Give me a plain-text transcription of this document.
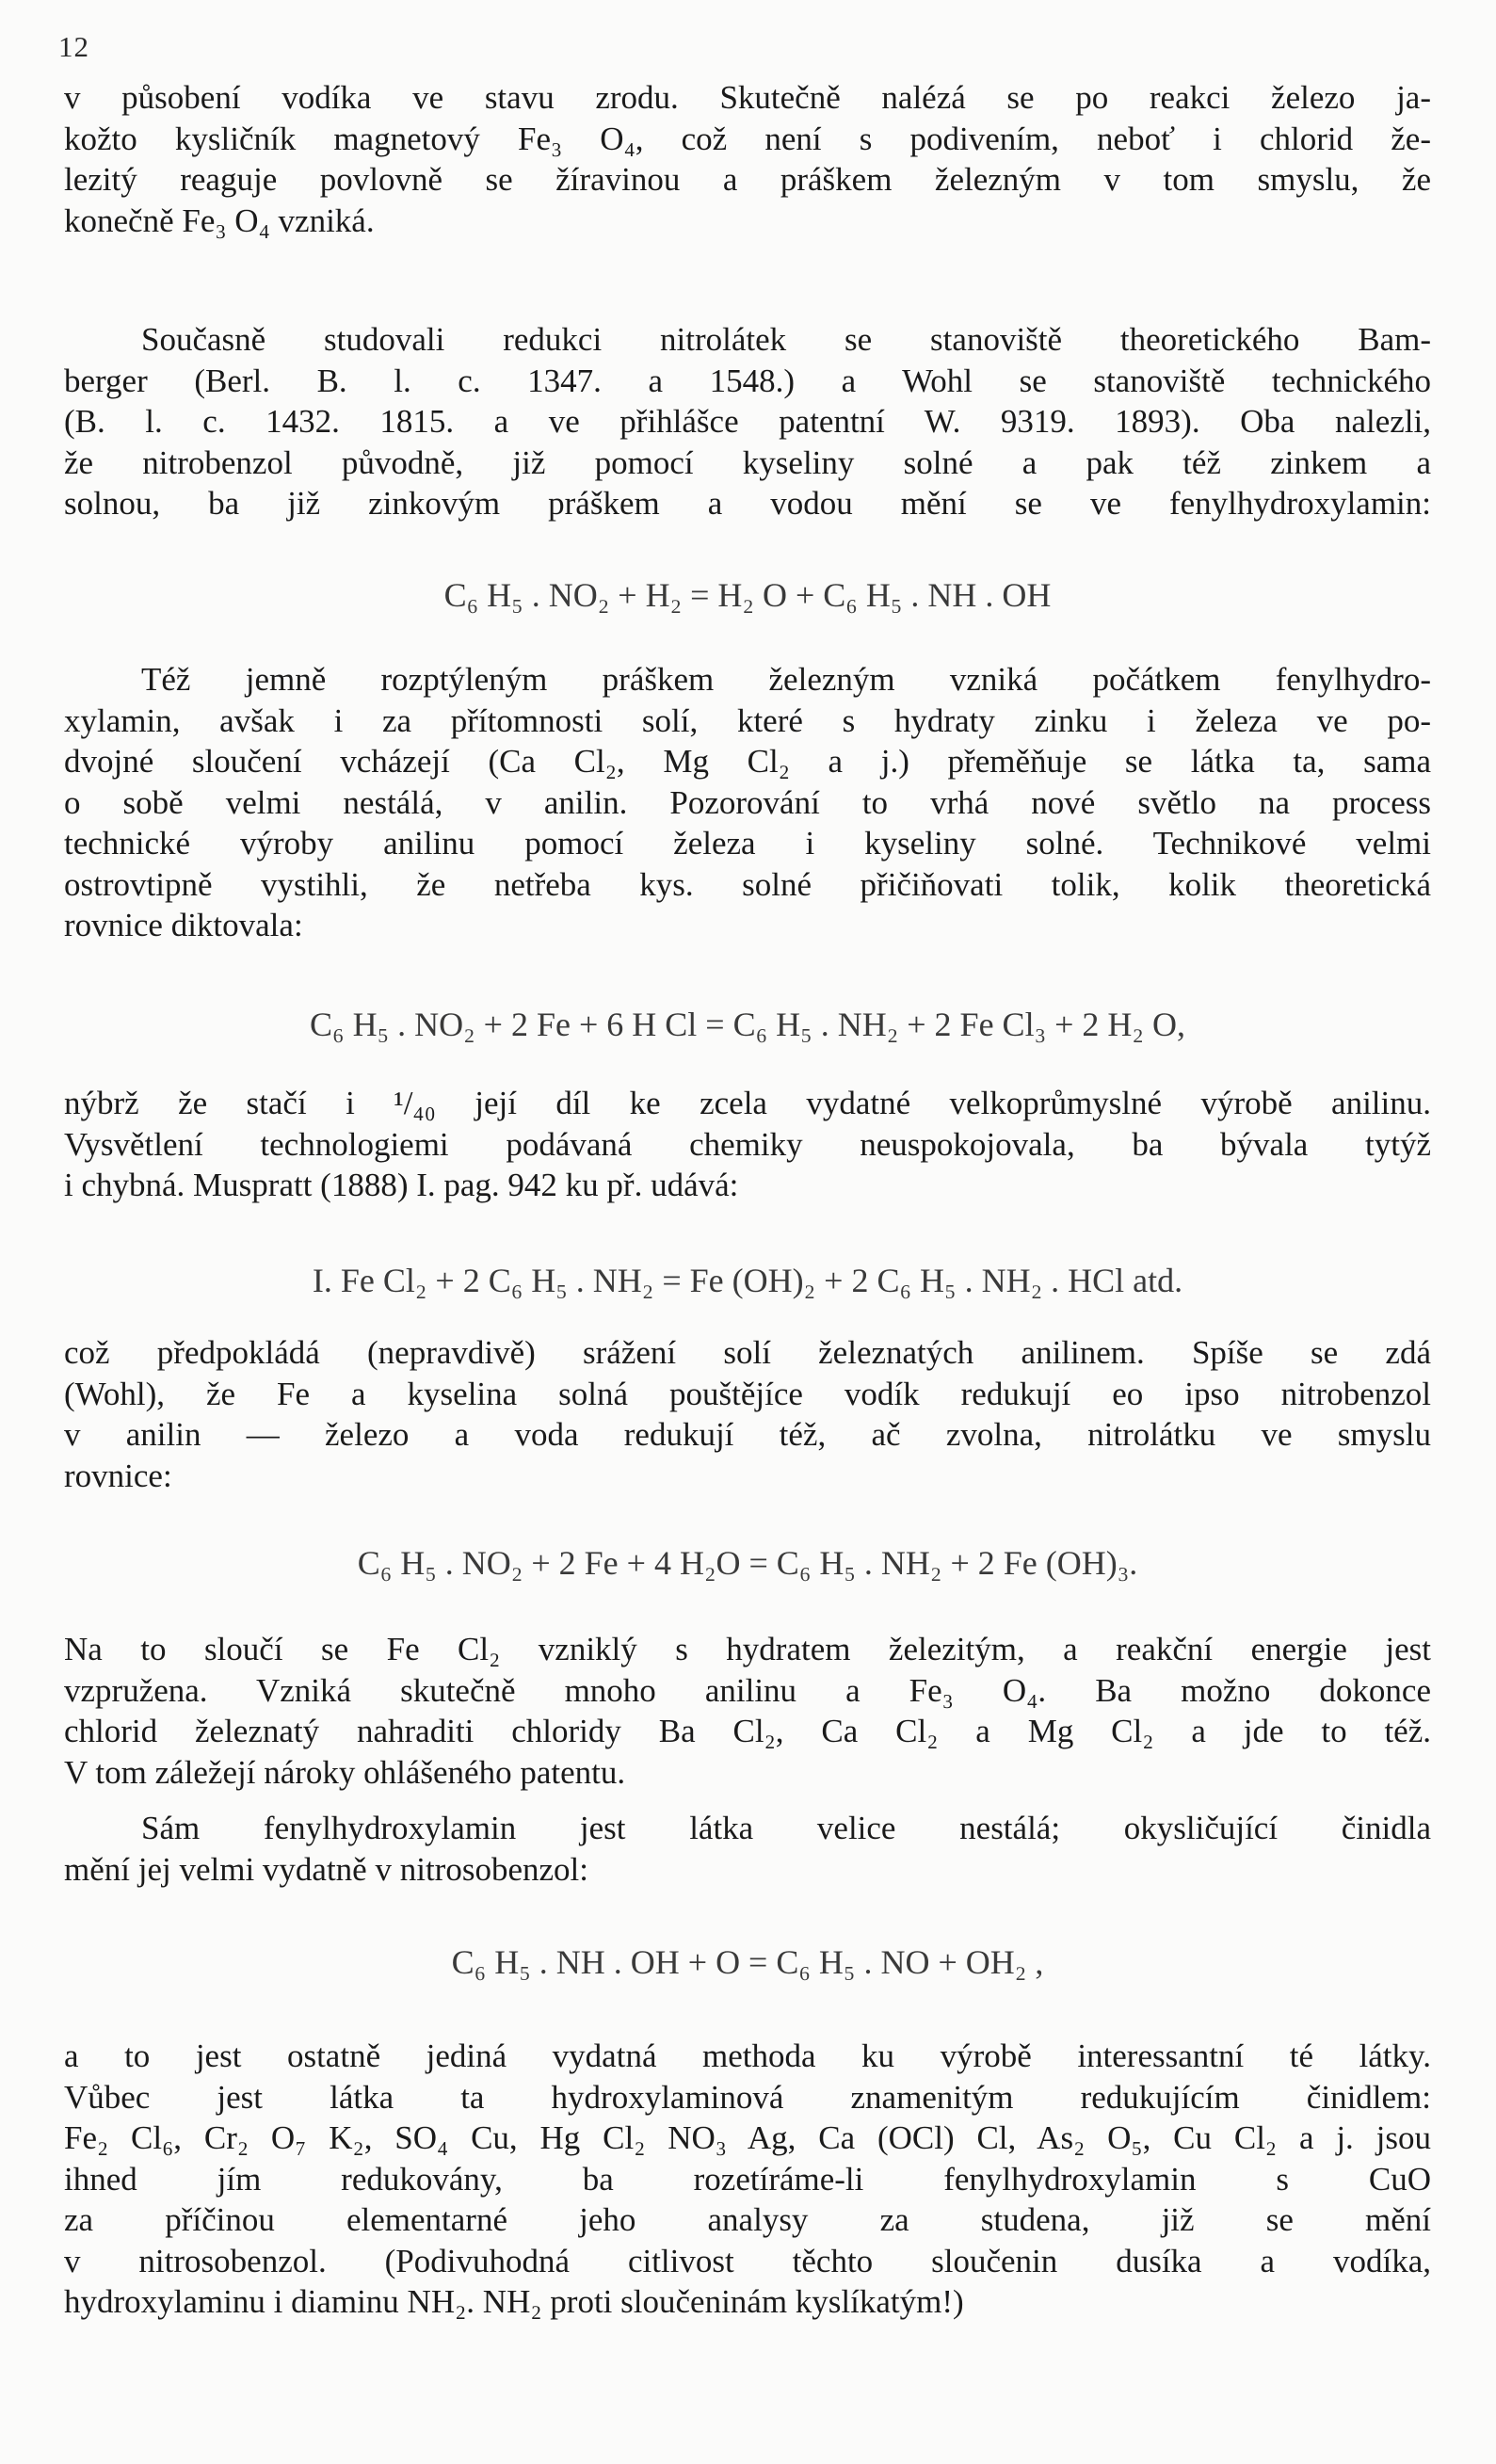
12
v působení vodíka ve stavu zrodu. Skutečně nalézá se po reakci železo ja-
kožto kysličník magnetový Fe₃ O₄, což není s podivením, neboť i chlorid že-
lezitý reaguje povlovně se žíravinou a práškem železným v tom smyslu, že
konečně Fe₃ O₄ vzniká.
Současně studovali redukci nitrolátek se stanoviště theoretického Bam-
berger (Berl. B. l. c. 1347. a 1548.) a Wohl se stanoviště technického
(B. l. c. 1432. 1815. a ve přihlášce patentní W. 9319. 1893). Oba nalezli,
že nitrobenzol původně, již pomocí kyseliny solné a pak též zinkem a
solnou, ba již zinkovým práškem a vodou mění se ve fenylhydroxylamin:
C₆ H₅ . NO₂ + H₂ = H₂ O + C₆ H₅ . NH . OH
Též jemně rozptýleným práškem železným vzniká počátkem fenylhydro-
xylamin, avšak i za přítomnosti solí, které s hydraty zinku i železa ve po-
dvojné sloučení vcházejí (Ca Cl₂, Mg Cl₂ a j.) přeměňuje se látka ta, sama
o sobě velmi nestálá, v anilin. Pozorování to vrhá nové světlo na process
technické výroby anilinu pomocí železa i kyseliny solné. Technikové velmi
ostrovtipně vystihli, že netřeba kys. solné přičiňovati tolik, kolik theoretická
rovnice diktovala:
C₆ H₅ . NO₂ + 2 Fe + 6 H Cl = C₆ H₅ . NH₂ + 2 Fe Cl₃ + 2 H₂ O,
nýbrž že stačí i ¹/₄₀ její díl ke zcela vydatné velkoprůmyslné výrobě anilinu.
Vysvětlení technologiemi podávaná chemiky neuspokojovala, ba bývala tytýž
i chybná. Muspratt (1888) I. pag. 942 ku př. udává:
I. Fe Cl₂ + 2 C₆ H₅ . NH₂ = Fe (OH)₂ + 2 C₆ H₅ . NH₂ . HCl atd.
což předpokládá (nepravdivě) srážení solí železnatých anilinem. Spíše se zdá
(Wohl), že Fe a kyselina solná pouštějíce vodík redukují eo ipso nitrobenzol
v anilin — železo a voda redukují též, ač zvolna, nitrolátku ve smyslu
rovnice:
C₆ H₅ . NO₂ + 2 Fe + 4 H₂O = C₆ H₅ . NH₂ + 2 Fe (OH)₃.
Na to sloučí se Fe Cl₂ vzniklý s hydratem železitým, a reakční energie jest
vzpružena. Vzniká skutečně mnoho anilinu a Fe₃ O₄. Ba možno dokonce
chlorid železnatý nahraditi chloridy Ba Cl₂, Ca Cl₂ a Mg Cl₂ a jde to též.
V tom záležejí nároky ohlášeného patentu.
Sám fenylhydroxylamin jest látka velice nestálá; okysličující činidla
mění jej velmi vydatně v nitrosobenzol:
C₆ H₅ . NH . OH + O = C₆ H₅ . NO + OH₂ ,
a to jest ostatně jediná vydatná methoda ku výrobě interessantní té látky.
Vůbec jest látka ta hydroxylaminová znamenitým redukujícím činidlem:
Fe₂ Cl₆, Cr₂ O₇ K₂, SO₄ Cu, Hg Cl₂ NO₃ Ag, Ca (OCl) Cl, As₂ O₅, Cu Cl₂ a j. jsou
ihned jím redukovány, ba rozetíráme-li fenylhydroxylamin s CuO
za příčinou elementarné jeho analysy za studena, již se mění
v nitrosobenzol. (Podivuhodná citlivost těchto sloučenin dusíka a vodíka,
hydroxylaminu i diaminu NH₂. NH₂ proti sloučeninám kyslíkatým!)
